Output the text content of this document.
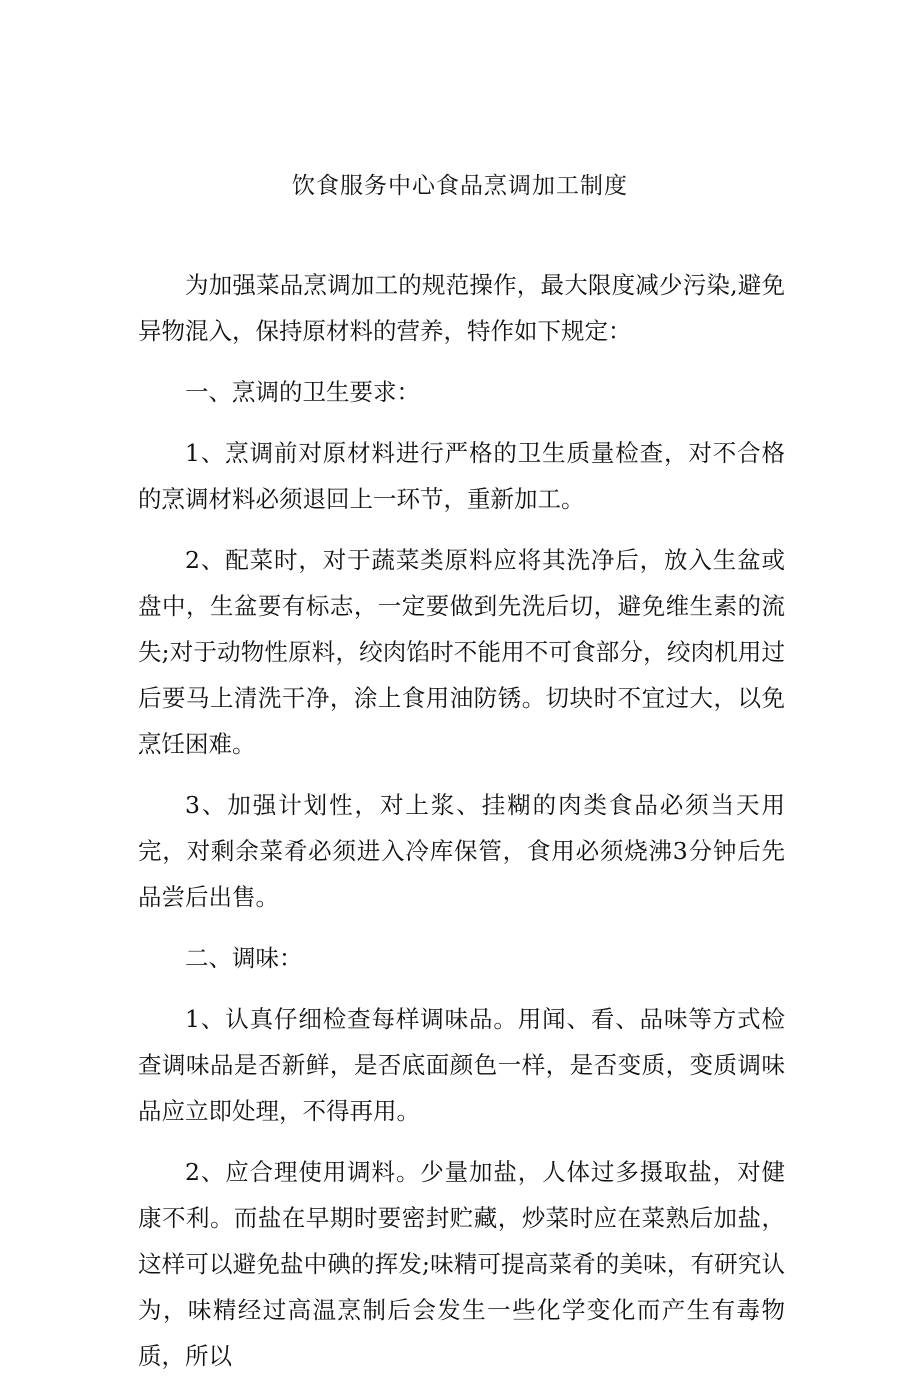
饮食服务中心食品烹调加工制度

为加强菜品烹调加工的规范操作，最大限度减少污染,避免异物混入，保持原材料的营养，特作如下规定：

一、烹调的卫生要求：

1、烹调前对原材料进行严格的卫生质量检查，对不合格的烹调材料必须退回上一环节，重新加工。

2、配菜时，对于蔬菜类原料应将其洗净后，放入生盆或盘中，生盆要有标志，一定要做到先洗后切，避免维生素的流失;对于动物性原料，绞肉馅时不能用不可食部分，绞肉机用过后要马上清洗干净，涂上食用油防锈。切块时不宜过大，以免烹饪困难。

3、加强计划性，对上浆、挂糊的肉类食品必须当天用完，对剩余菜肴必须进入冷库保管，食用必须烧沸3分钟后先品尝后出售。

二、调味：

1、认真仔细检查每样调味品。用闻、看、品味等方式检查调味品是否新鲜，是否底面颜色一样，是否变质，变质调味品应立即处理，不得再用。

2、应合理使用调料。少量加盐，人体过多摄取盐，对健康不利。而盐在早期时要密封贮藏，炒菜时应在菜熟后加盐，这样可以避免盐中碘的挥发;味精可提高菜肴的美味，有研究认为，味精经过高温烹制后会发生一些化学变化而产生有毒物质，所以
